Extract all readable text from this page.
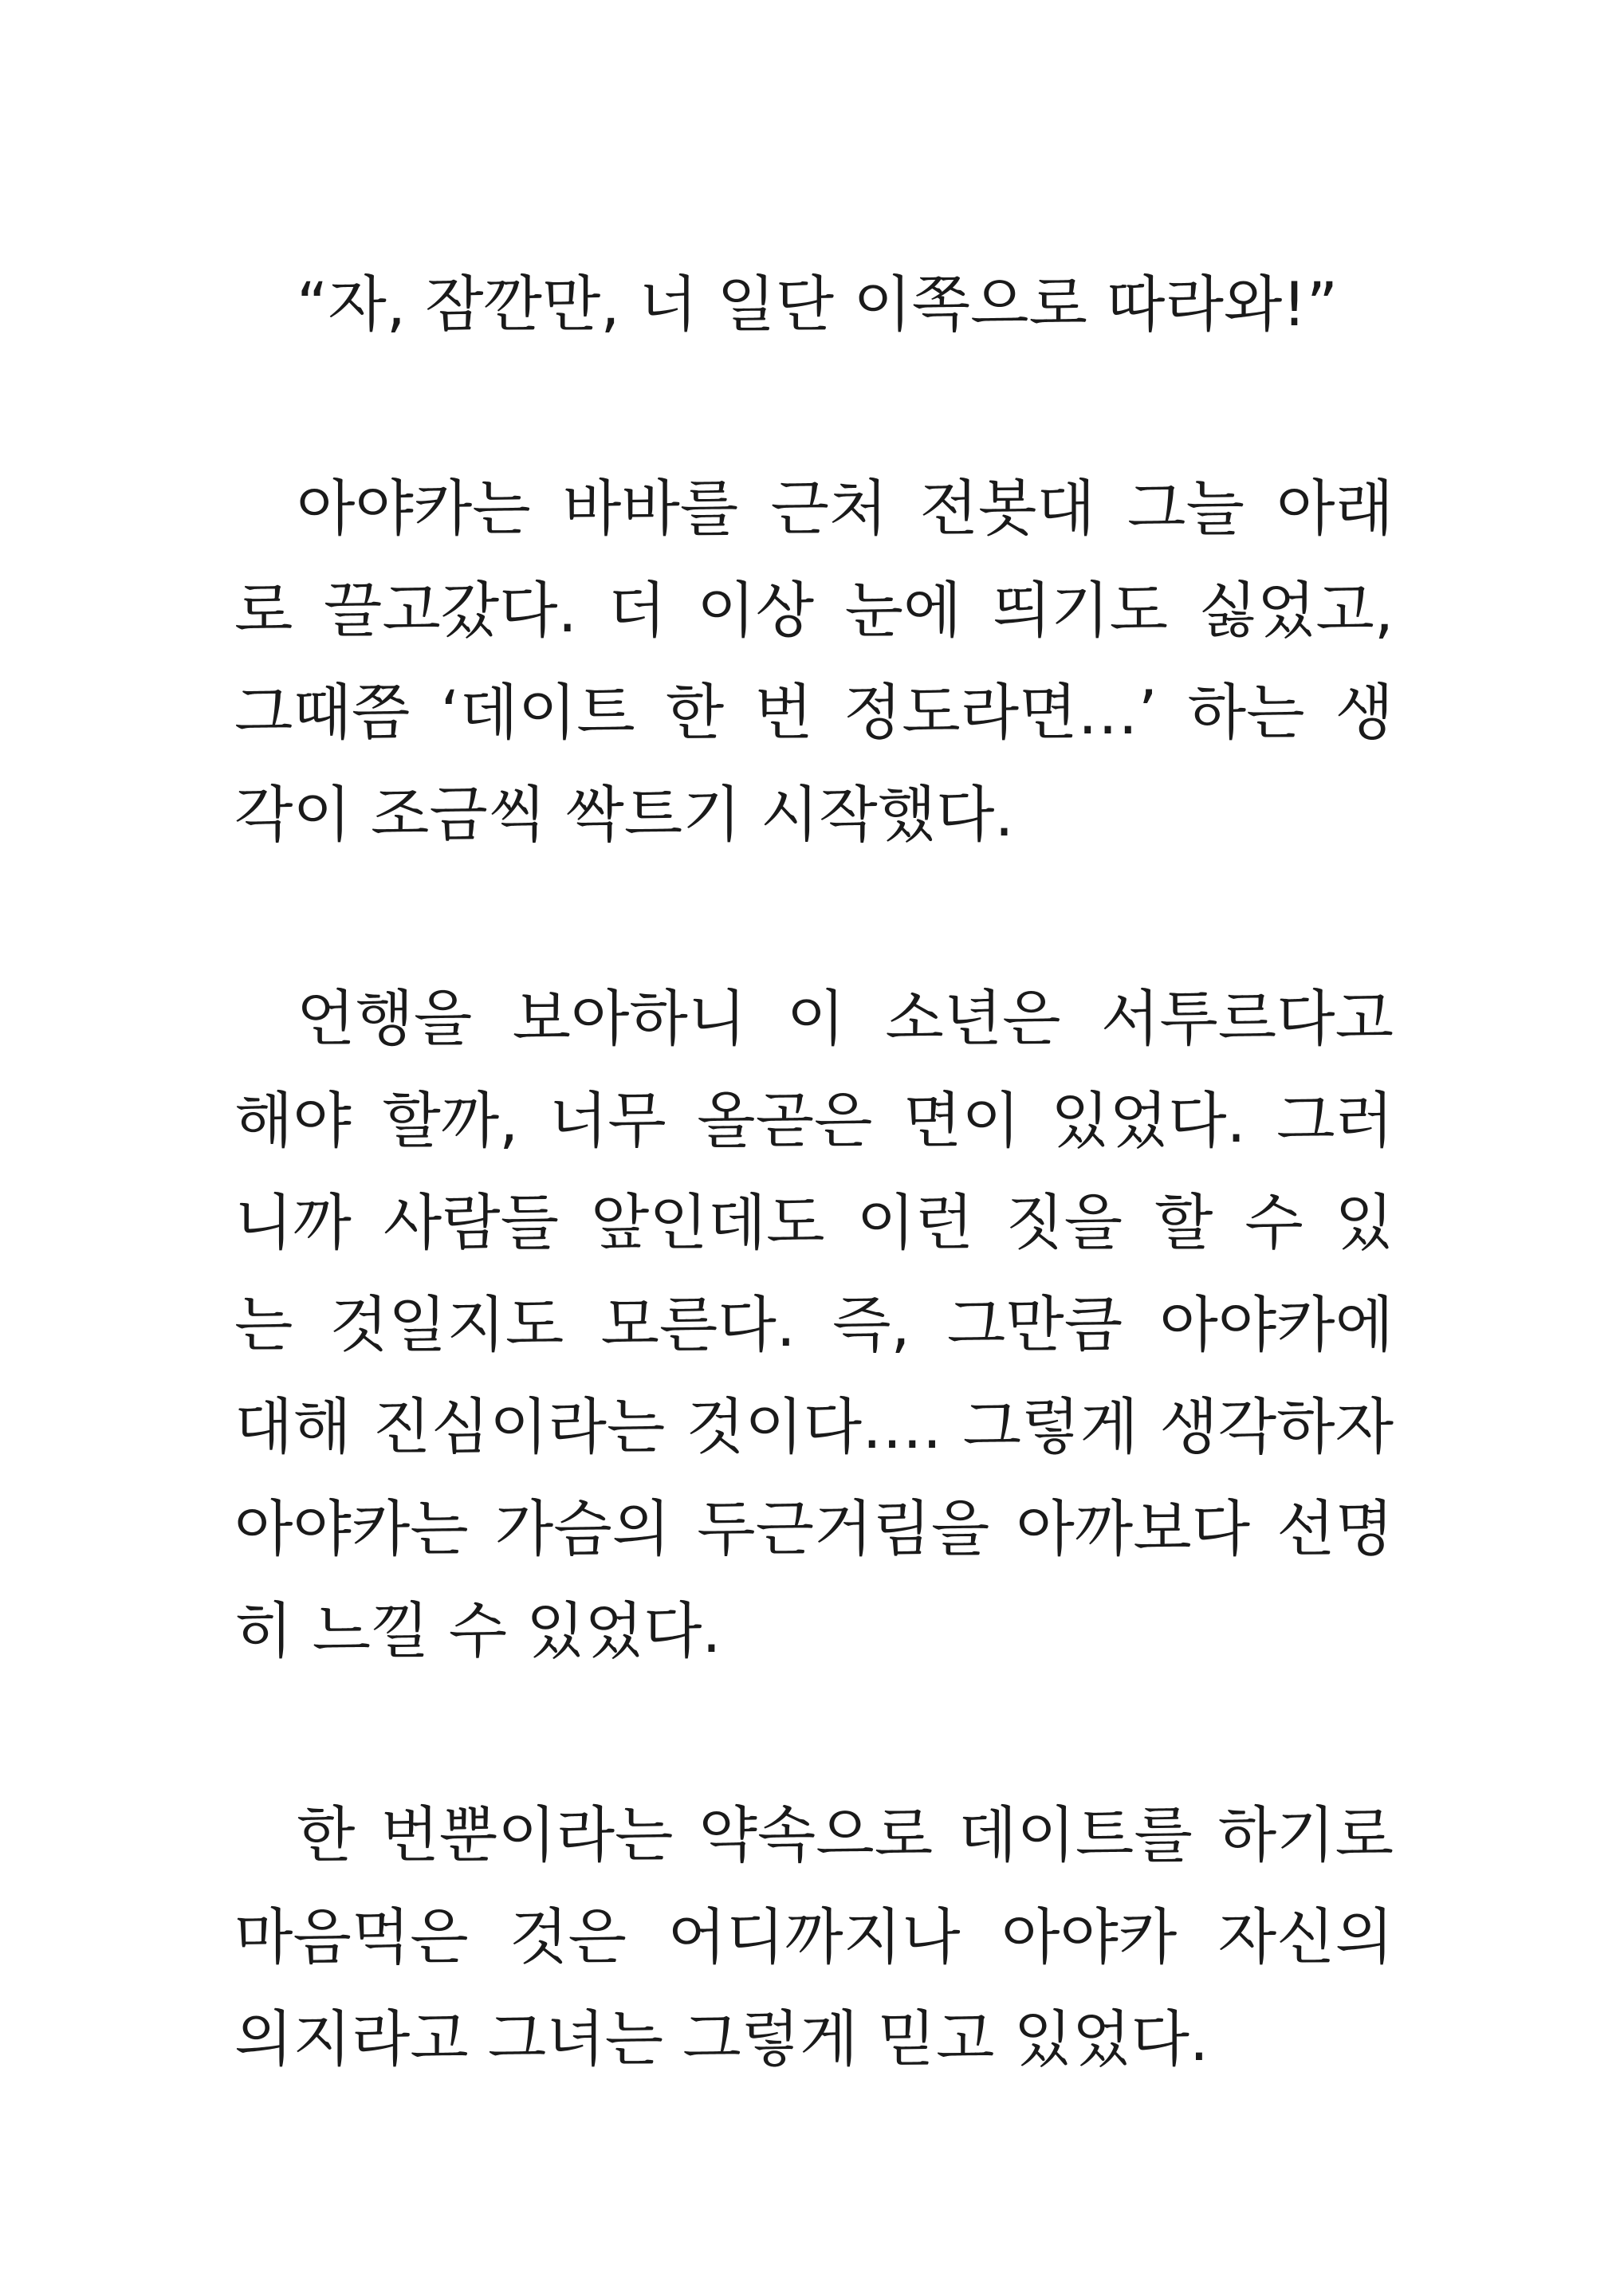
“자, 잠깐만, 너 일단 이쪽으로 따라와!”
아야카는 바바를 근처 전봇대 그늘 아래
로 끌고갔다. 더 이상 눈에 띄기도 싫었고,
그때쯤 ‘데이트 한 번 정도라면…’ 하는 생
각이 조금씩 싹트기 시작했다.
언행을 보아하니 이 소년은 서투르다고
해야 할까, 너무 올곧은 면이 있었다. 그러
니까 사람들 앞인데도 이런 짓을 할 수 있
는 것일지도 모른다. 즉, 그만큼 아야카에
대해 진심이라는 것이다…. 그렇게 생각하자
아야카는 가슴의 두근거림을 아까보다 선명
히 느낄 수 있었다.
한 번뿐이라는 약속으로 데이트를 하기로
마음먹은 것은 어디까지나 아야카 자신의
의지라고 그녀는 그렇게 믿고 있었다.
